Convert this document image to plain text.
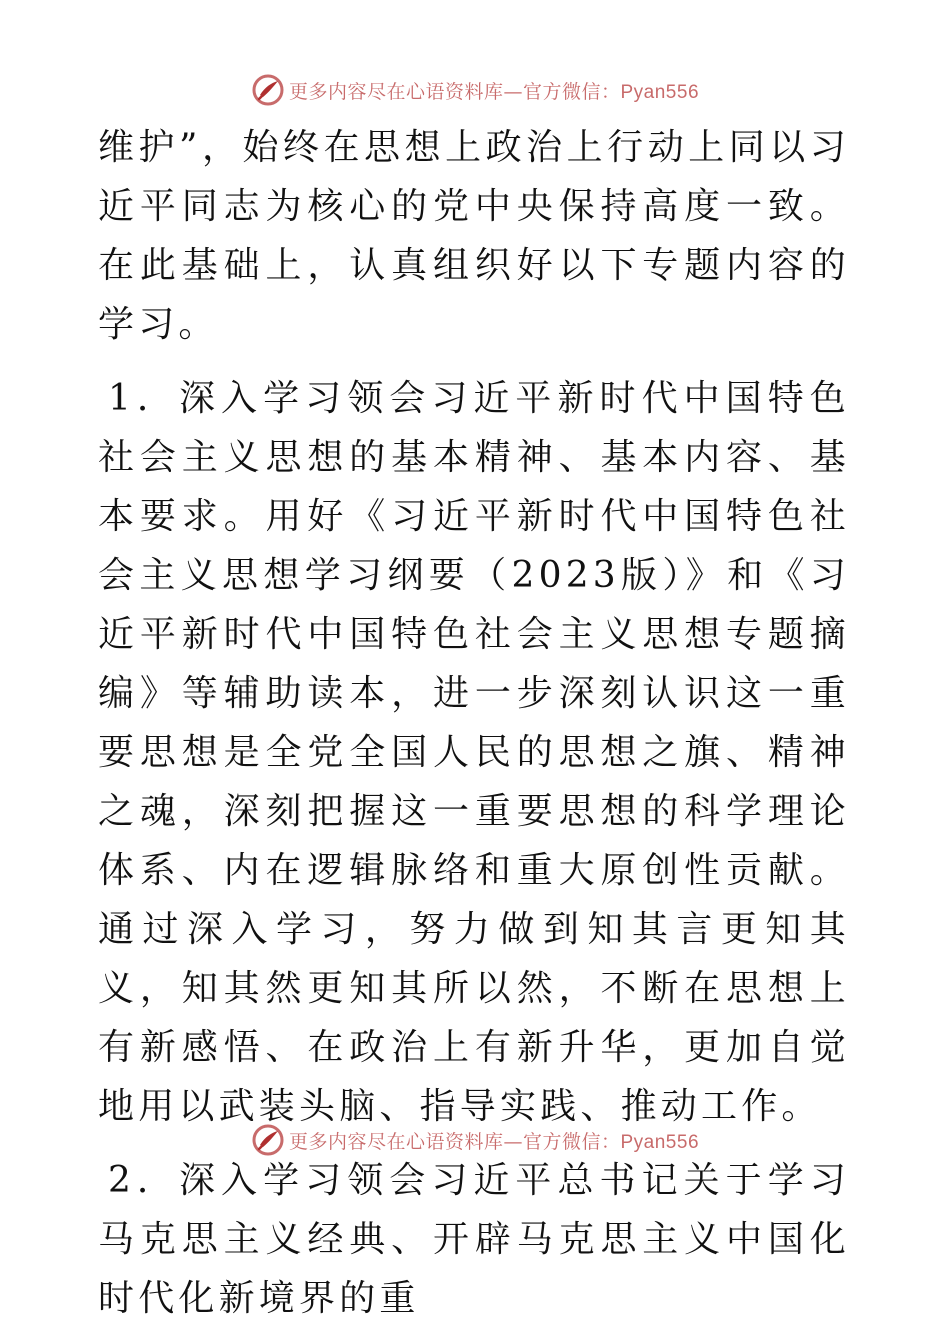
更多内容尽在心语资料库—官方微信：Pyan556

维护”，始终在思想上政治上行动上同以习近平同志为核心的党中央保持高度一致。在此基础上，认真组织好以下专题内容的学习。

1．深入学习领会习近平新时代中国特色社会主义思想的基本精神、基本内容、基本要求。用好《习近平新时代中国特色社会主义思想学习纲要（2023版）》和《习近平新时代中国特色社会主义思想专题摘编》等辅助读本，进一步深刻认识这一重要思想是全党全国人民的思想之旗、精神之魂，深刻把握这一重要思想的科学理论体系、内在逻辑脉络和重大原创性贡献。通过深入学习，努力做到知其言更知其义，知其然更知其所以然，不断在思想上有新感悟、在政治上有新升华，更加自觉地用以武装头脑、指导实践、推动工作。

2．深入学习领会习近平总书记关于学习马克思主义经典、开辟马克思主义中国化时代化新境界的重

更多内容尽在心语资料库—官方微信：Pyan556
